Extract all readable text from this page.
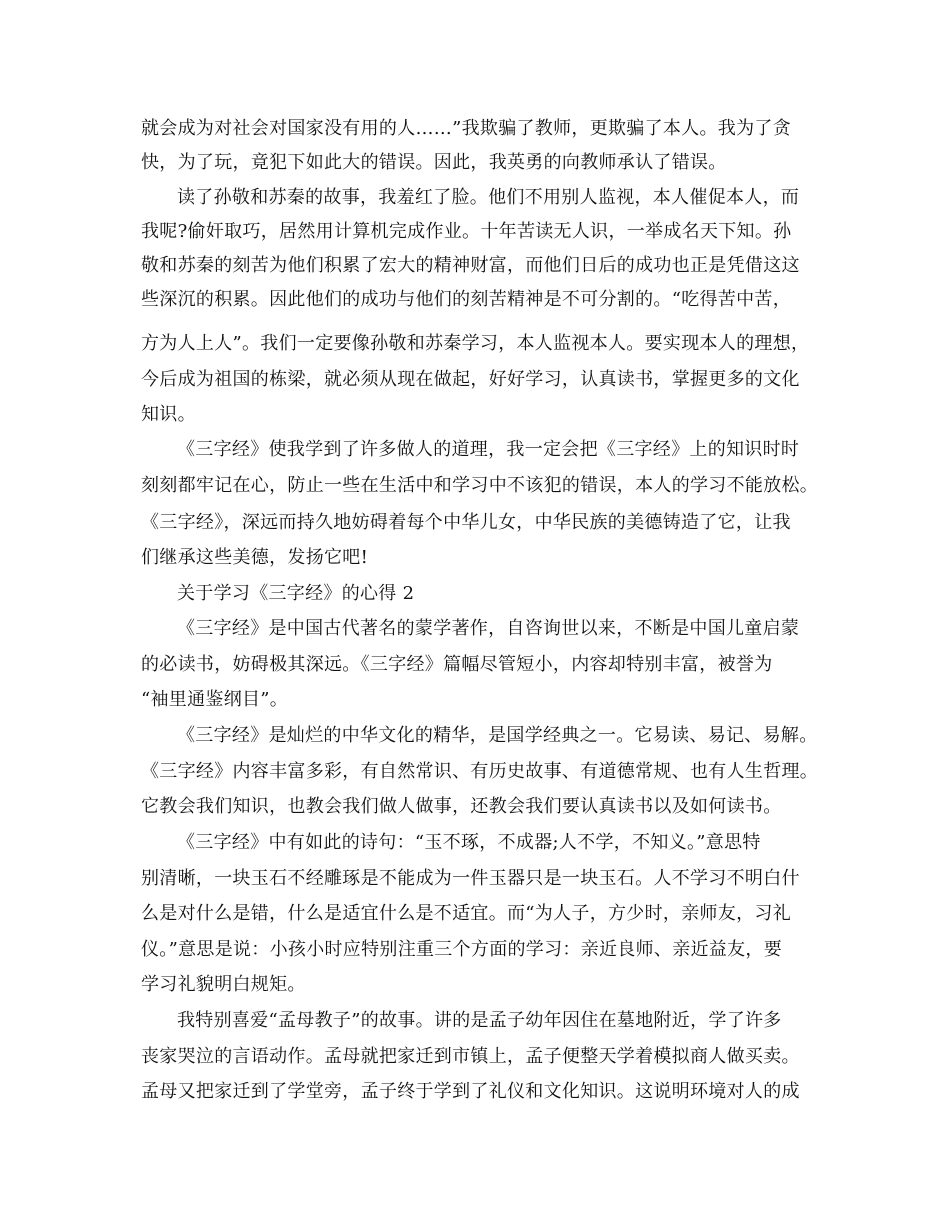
就会成为对社会对国家没有用的人……”我欺骗了教师，更欺骗了本人。我为了贪
快，为了玩，竟犯下如此大的错误。因此，我英勇的向教师承认了错误。
读了孙敬和苏秦的故事，我羞红了脸。他们不用别人监视，本人催促本人，而
我呢?偷奸取巧，居然用计算机完成作业。十年苦读无人识，一举成名天下知。孙
敬和苏秦的刻苦为他们积累了宏大的精神财富，而他们日后的成功也正是凭借这这
些深沉的积累。因此他们的成功与他们的刻苦精神是不可分割的。“吃得苦中苦，
方为人上人”。我们一定要像孙敬和苏秦学习，本人监视本人。要实现本人的理想，
今后成为祖国的栋梁，就必须从现在做起，好好学习，认真读书，掌握更多的文化
知识。
《三字经》使我学到了许多做人的道理，我一定会把《三字经》上的知识时时
刻刻都牢记在心，防止一些在生活中和学习中不该犯的错误，本人的学习不能放松。
《三字经》，深远而持久地妨碍着每个中华儿女，中华民族的美德铸造了它，让我
们继承这些美德，发扬它吧!
关于学习《三字经》的心得 2
《三字经》是中国古代著名的蒙学著作，自咨询世以来，不断是中国儿童启蒙
的必读书，妨碍极其深远。《三字经》篇幅尽管短小，内容却特别丰富，被誉为
“袖里通鉴纲目”。
《三字经》是灿烂的中华文化的精华，是国学经典之一。它易读、易记、易解。
《三字经》内容丰富多彩，有自然常识、有历史故事、有道德常规、也有人生哲理。
它教会我们知识，也教会我们做人做事，还教会我们要认真读书以及如何读书。
《三字经》中有如此的诗句：“玉不琢，不成器;人不学，不知义。”意思特
别清晰，一块玉石不经雕琢是不能成为一件玉器只是一块玉石。人不学习不明白什
么是对什么是错，什么是适宜什么是不适宜。而“为人子，方少时，亲师友，习礼
仪。”意思是说：小孩小时应特别注重三个方面的学习：亲近良师、亲近益友，要
学习礼貌明白规矩。
我特别喜爱“孟母教子”的故事。讲的是孟子幼年因住在墓地附近，学了许多
丧家哭泣的言语动作。孟母就把家迁到市镇上，孟子便整天学着模拟商人做买卖。
孟母又把家迁到了学堂旁，孟子终于学到了礼仪和文化知识。这说明环境对人的成
